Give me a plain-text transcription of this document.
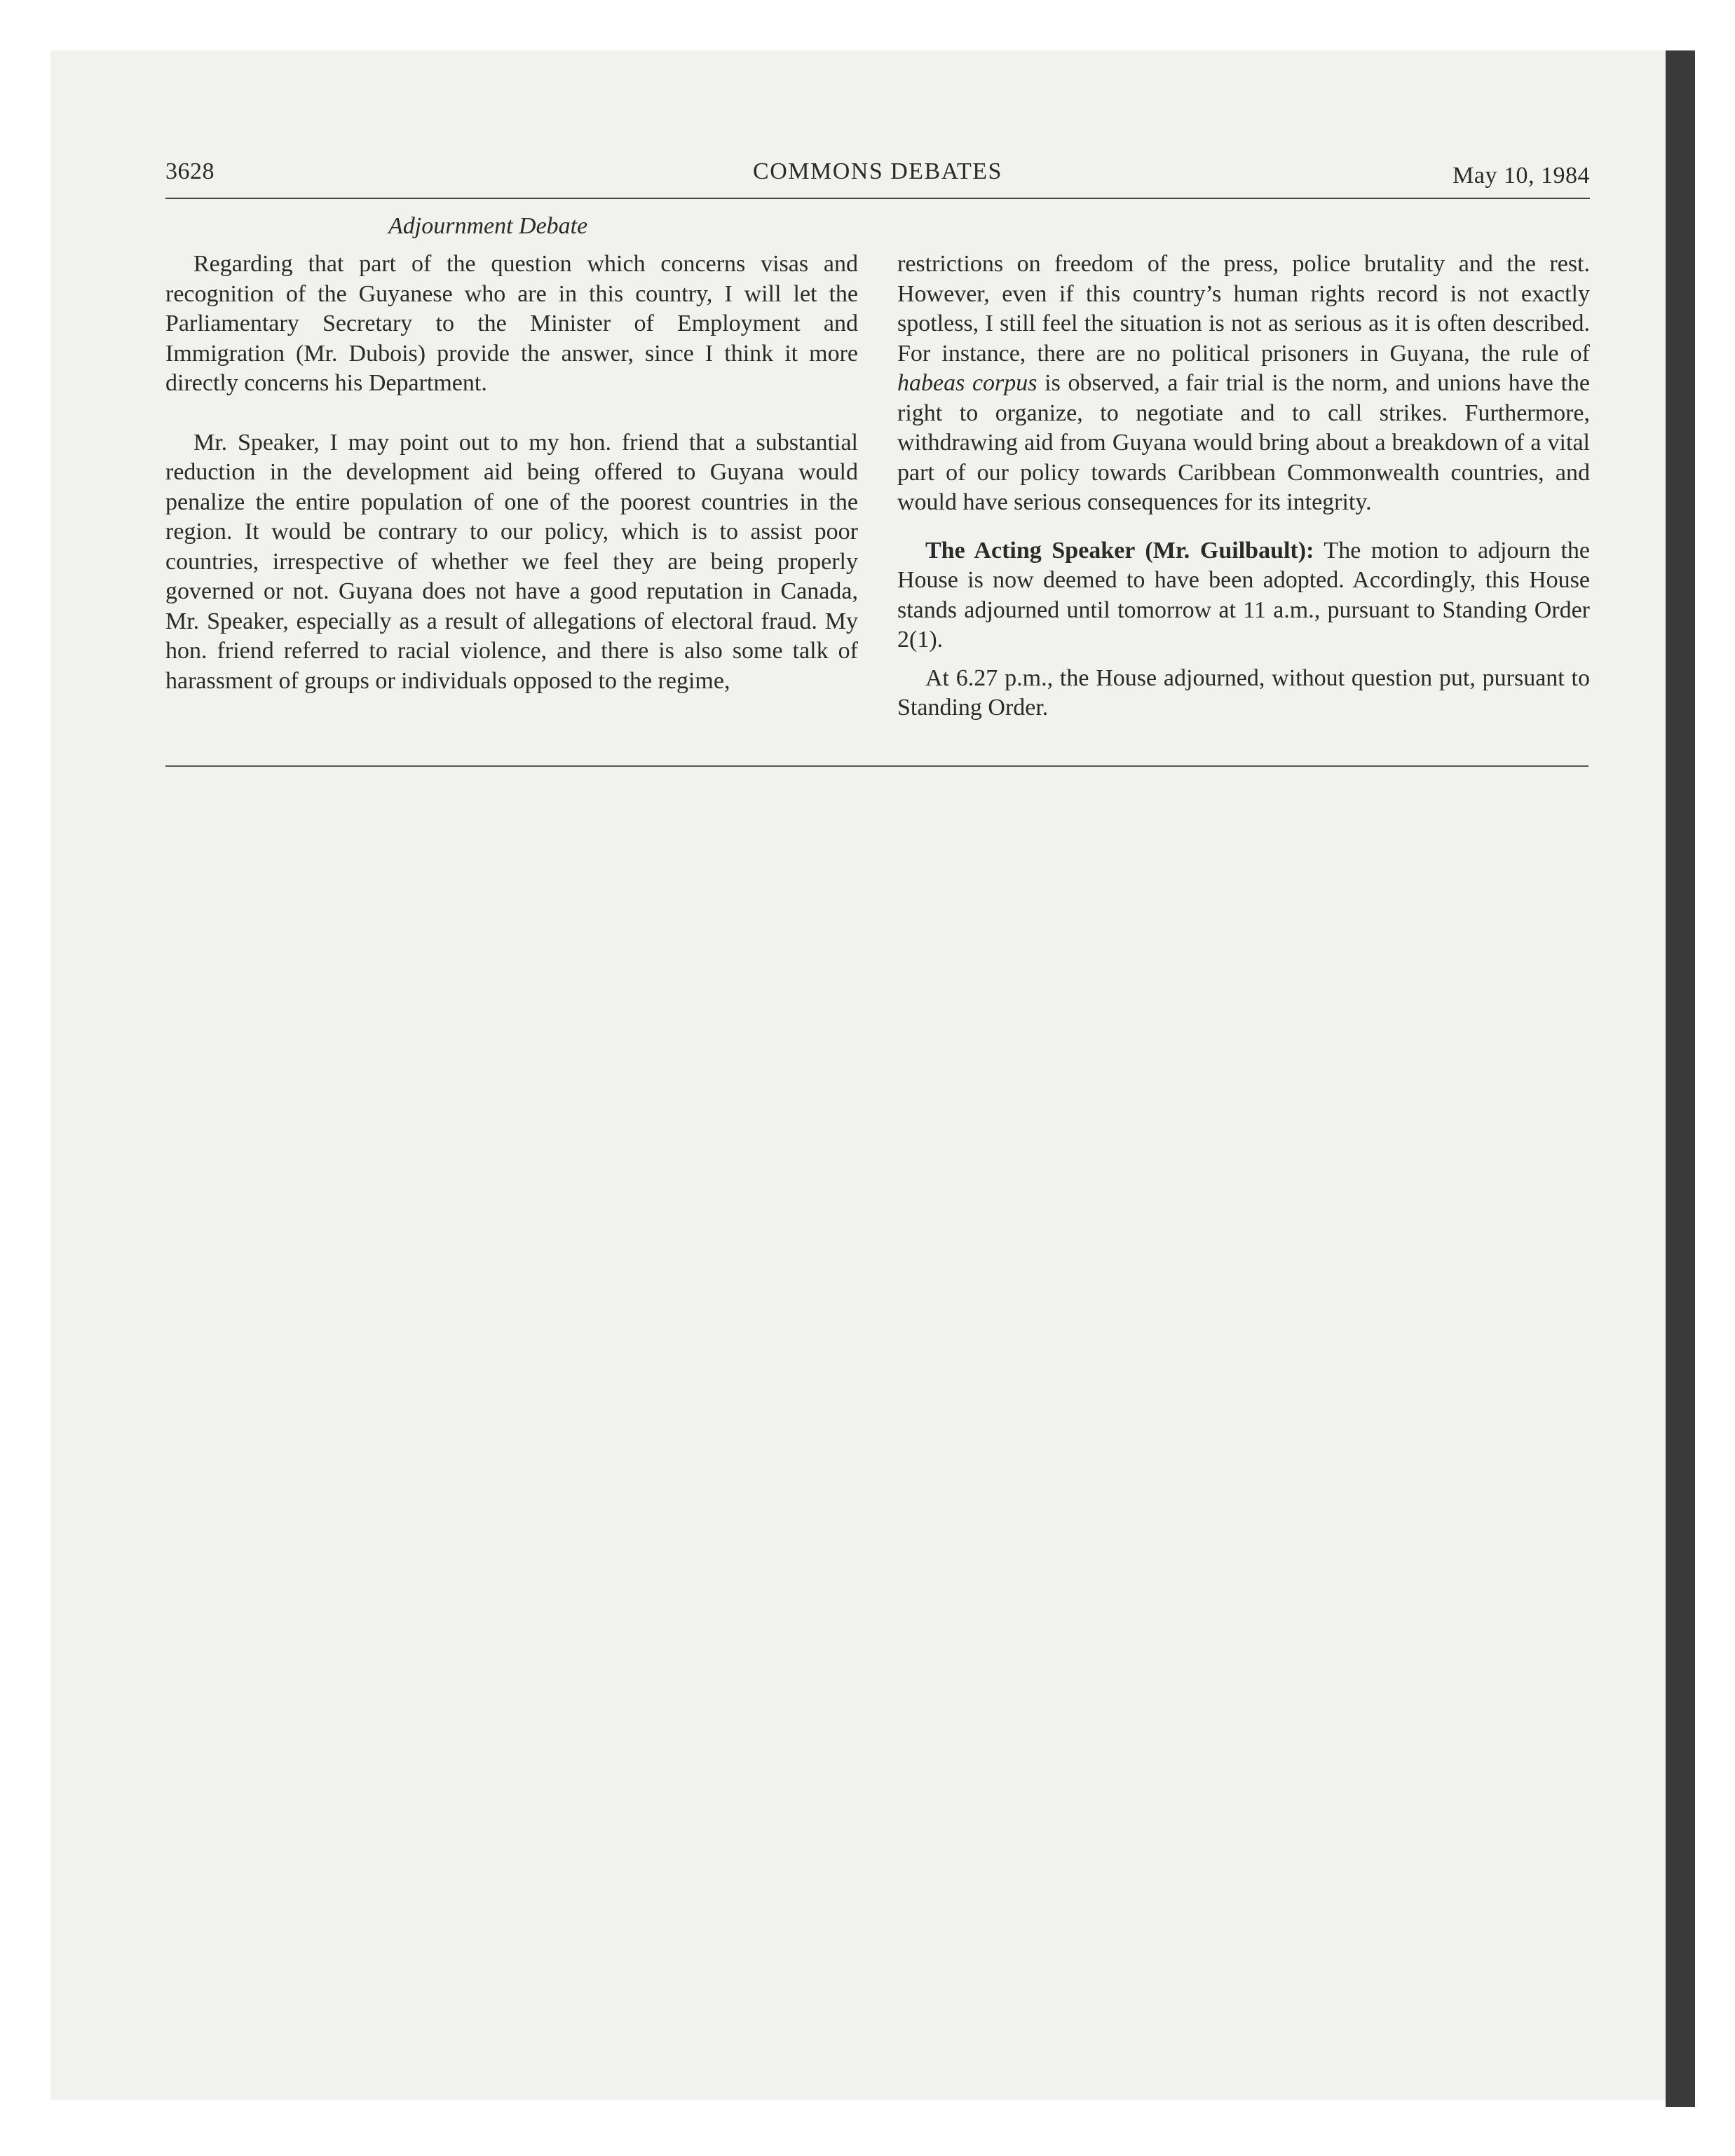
3628	COMMONS DEBATES	May 10, 1984
Adjournment Debate

Regarding that part of the question which concerns visas and recognition of the Guyanese who are in this country, I will let the Parliamentary Secretary to the Minister of Employment and Immigration (Mr. Dubois) provide the answer, since I think it more directly concerns his Department.

Mr. Speaker, I may point out to my hon. friend that a substantial reduction in the development aid being offered to Guyana would penalize the entire population of one of the poorest countries in the region. It would be contrary to our policy, which is to assist poor countries, irrespective of whether we feel they are being properly governed or not. Guyana does not have a good reputation in Canada, Mr. Speaker, especially as a result of allegations of electoral fraud. My hon. friend referred to racial violence, and there is also some talk of harassment of groups or individuals opposed to the regime,

restrictions on freedom of the press, police brutality and the rest. However, even if this country’s human rights record is not exactly spotless, I still feel the situation is not as serious as it is often described. For instance, there are no political prisoners in Guyana, the rule of habeas corpus is observed, a fair trial is the norm, and unions have the right to organize, to negotiate and to call strikes. Furthermore, withdrawing aid from Guyana would bring about a breakdown of a vital part of our policy towards Caribbean Commonwealth countries, and would have serious consequences for its integrity.

The Acting Speaker (Mr. Guilbault): The motion to adjourn the House is now deemed to have been adopted. Accordingly, this House stands adjourned until tomorrow at 11 a.m., pursuant to Standing Order 2(1).

At 6.27 p.m., the House adjourned, without question put, pursuant to Standing Order.
